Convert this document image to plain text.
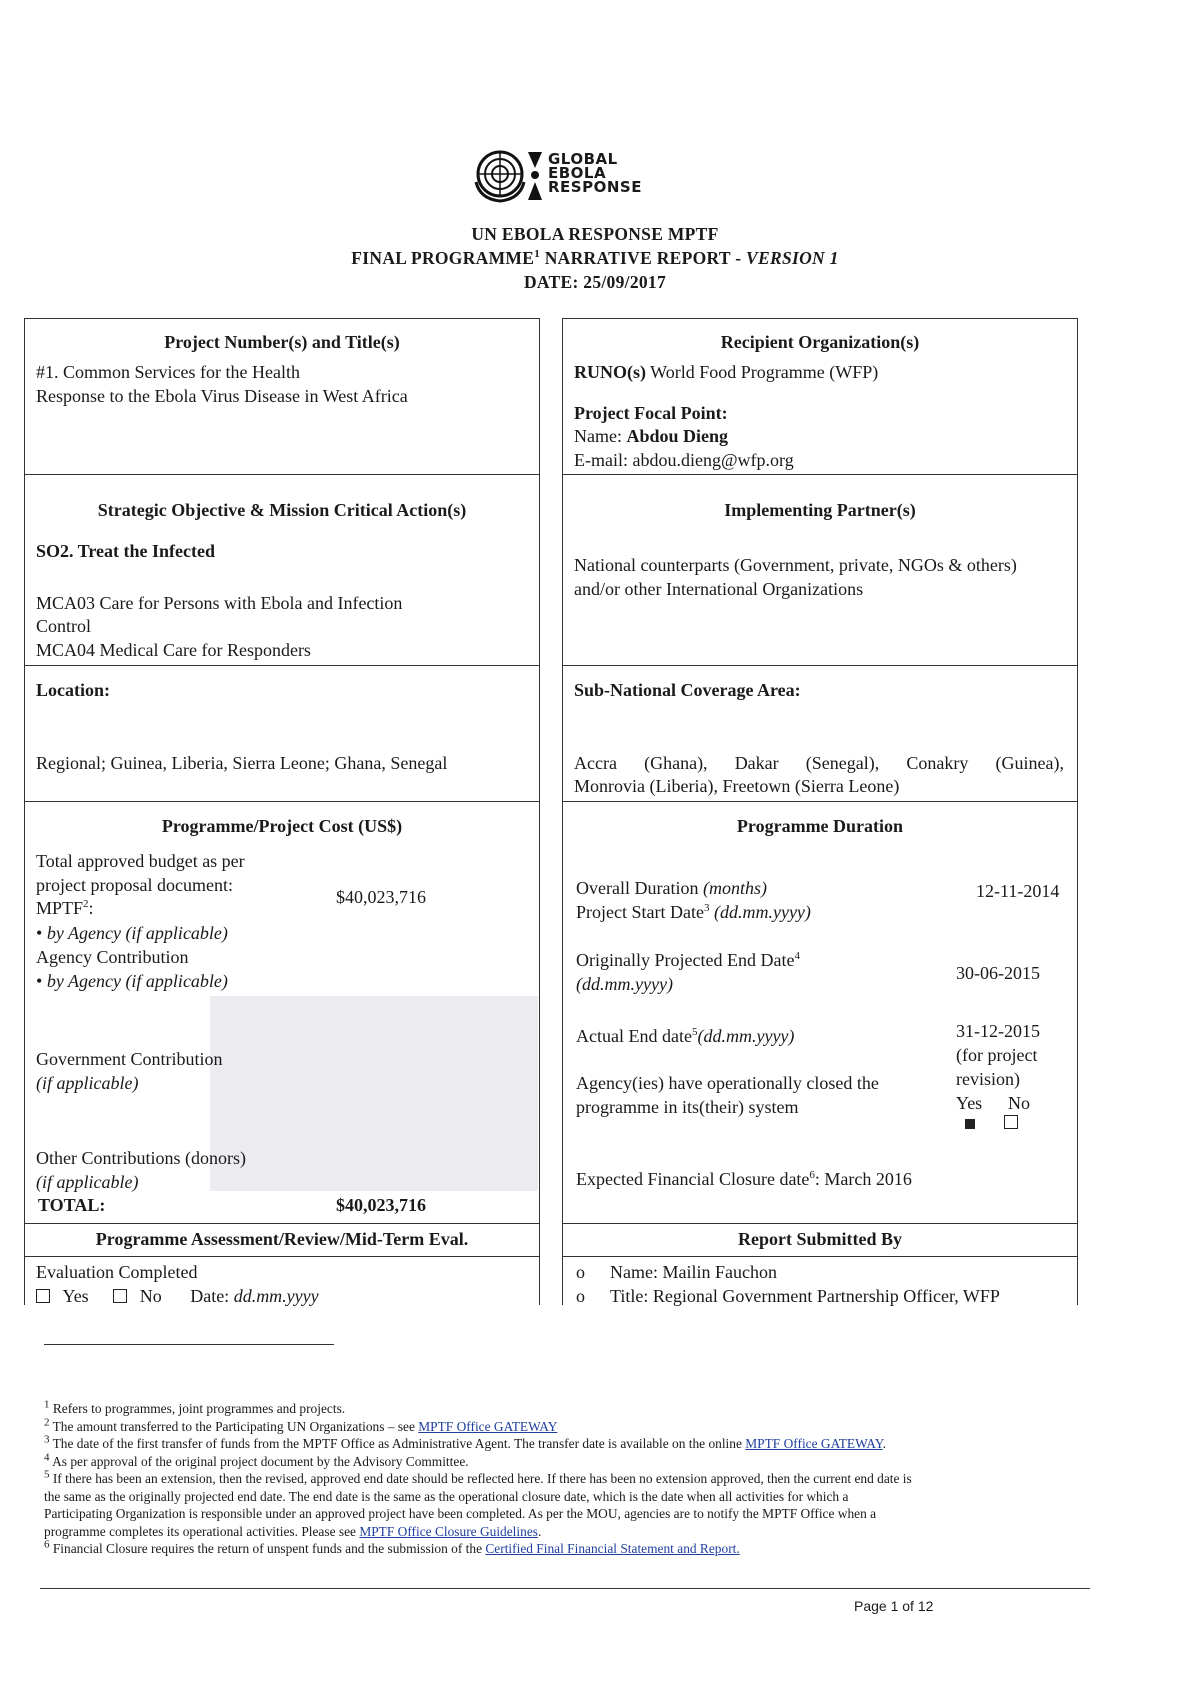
GLOBAL
EBOLA
RESPONSE
UN EBOLA RESPONSE MPTF
FINAL PROGRAMME$^1$ NARRATIVE REPORT - VERSION 1
DATE: 25/09/2017
Project Number(s) and Title(s)
#1. Common Services for the Health
Response to the Ebola Virus Disease in West Africa
Recipient Organization(s)
RUNO(s) World Food Programme (WFP)
Project Focal Point:
Name: Abdou Dieng
E-mail: abdou.dieng@wfp.org
Strategic Objective & Mission Critical Action(s)
SO2. Treat the Infected
MCA03 Care for Persons with Ebola and Infection
Control
MCA04 Medical Care for Responders
Implementing Partner(s)
National counterparts (Government, private, NGOs & others)
and/or other International Organizations
Location:
Regional; Guinea, Liberia, Sierra Leone; Ghana, Senegal
Sub-National Coverage Area:
Accra (Ghana), Dakar (Senegal), Conakry (Guinea),
Monrovia (Liberia), Freetown (Sierra Leone)
Programme/Project Cost (US$)
Total approved budget as per
project proposal document:
MPTF$^2$:
$40,023,716
• by Agency (if applicable)
Agency Contribution
• by Agency (if applicable)
Government Contribution
(if applicable)
Other Contributions (donors)
(if applicable)
TOTAL:	$40,023,716
Programme Duration
Overall Duration (months)
Project Start Date$^3$ (dd.mm.yyyy)
12-11-2014
Originally Projected End Date$^4$
(dd.mm.yyyy)
30-06-2015
Actual End date$^5$(dd.mm.yyyy)	31-12-2015
(for project
revision)
Agency(ies) have operationally closed the
programme in its(their) system	Yes No
Expected Financial Closure date$^6$: March 2016
Programme Assessment/Review/Mid-Term Eval.
Evaluation Completed
Yes	No Date: dd.mm.yyyy
Report Submitted By
o Name: Mailin Fauchon
o Title: Regional Government Partnership Officer, WFP
$^1$ Refers to programmes, joint programmes and projects.
$^2$ The amount transferred to the Participating UN Organizations – see MPTF Office GATEWAY
$^3$ The date of the first transfer of funds from the MPTF Office as Administrative Agent. The transfer date is available on the online MPTF Office GATEWAY.
$^4$ As per approval of the original project document by the Advisory Committee.
$^5$ If there has been an extension, then the revised, approved end date should be reflected here. If there has been no extension approved, then the current end date is
the same as the originally projected end date. The end date is the same as the operational closure date, which is the date when all activities for which a
Participating Organization is responsible under an approved project have been completed. As per the MOU, agencies are to notify the MPTF Office when a
programme completes its operational activities. Please see MPTF Office Closure Guidelines.
$^6$ Financial Closure requires the return of unspent funds and the submission of the Certified Final Financial Statement and Report.
Page 1 of 12
